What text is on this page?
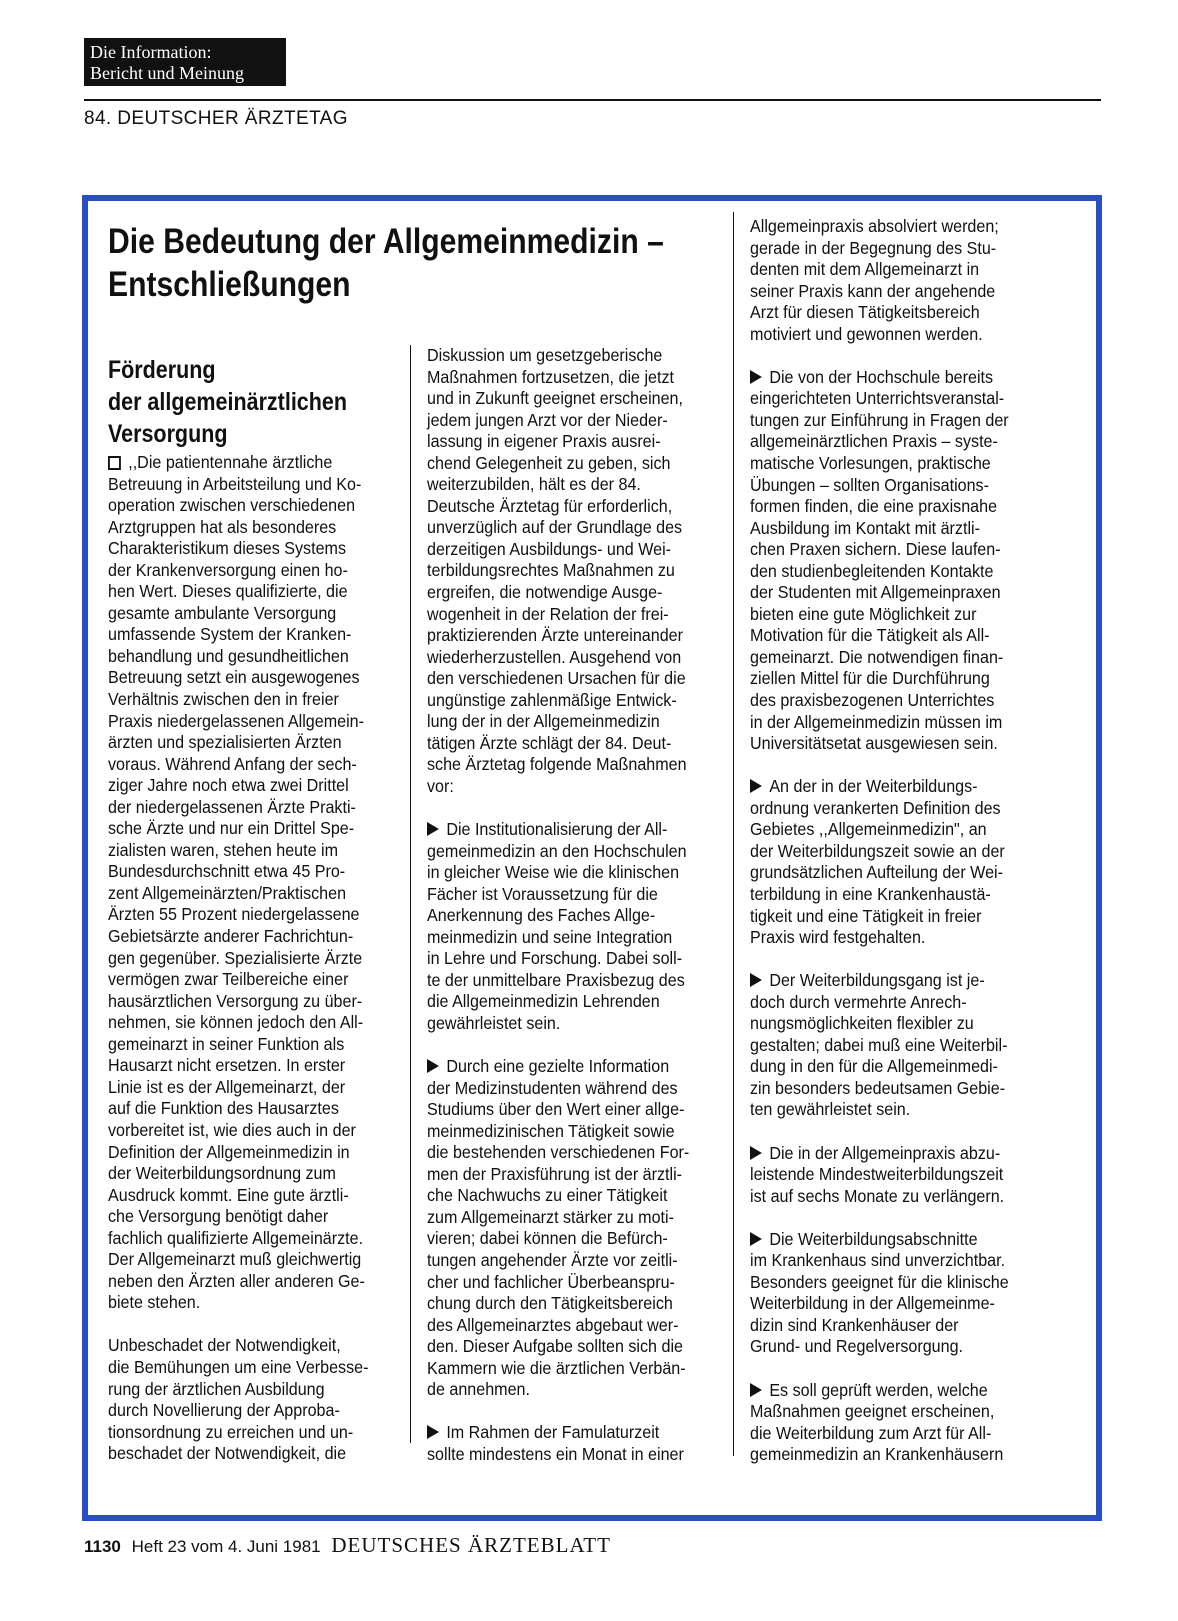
Die Information:
Bericht und Meinung
84. DEUTSCHER ÄRZTETAG
Die Bedeutung der Allgemeinmedizin –
Entschließungen
Förderung
der allgemeinärztlichen
Versorgung

,,Die patientennahe ärztliche
Betreuung in Arbeitsteilung und Ko-
operation zwischen verschiedenen
Arztgruppen hat als besonderes
Charakteristikum dieses Systems
der Krankenversorgung einen ho-
hen Wert. Dieses qualifizierte, die
gesamte ambulante Versorgung
umfassende System der Kranken-
behandlung und gesundheitlichen
Betreuung setzt ein ausgewogenes
Verhältnis zwischen den in freier
Praxis niedergelassenen Allgemein-
ärzten und spezialisierten Ärzten
voraus. Während Anfang der sech-
ziger Jahre noch etwa zwei Drittel
der niedergelassenen Ärzte Prakti-
sche Ärzte und nur ein Drittel Spe-
zialisten waren, stehen heute im
Bundesdurchschnitt etwa 45 Pro-
zent Allgemeinärzten/Praktischen
Ärzten 55 Prozent niedergelassene
Gebietsärzte anderer Fachrichtun-
gen gegenüber. Spezialisierte Ärzte
vermögen zwar Teilbereiche einer
hausärztlichen Versorgung zu über-
nehmen, sie können jedoch den All-
gemeinarzt in seiner Funktion als
Hausarzt nicht ersetzen. In erster
Linie ist es der Allgemeinarzt, der
auf die Funktion des Hausarztes
vorbereitet ist, wie dies auch in der
Definition der Allgemeinmedizin in
der Weiterbildungsordnung zum
Ausdruck kommt. Eine gute ärztli-
che Versorgung benötigt daher
fachlich qualifizierte Allgemeinärzte.
Der Allgemeinarzt muß gleichwertig
neben den Ärzten aller anderen Ge-
biete stehen.

Unbeschadet der Notwendigkeit,
die Bemühungen um eine Verbesse-
rung der ärztlichen Ausbildung
durch Novellierung der Approba-
tionsordnung zu erreichen und un-
beschadet der Notwendigkeit, die

Diskussion um gesetzgeberische
Maßnahmen fortzusetzen, die jetzt
und in Zukunft geeignet erscheinen,
jedem jungen Arzt vor der Nieder-
lassung in eigener Praxis ausrei-
chend Gelegenheit zu geben, sich
weiterzubilden, hält es der 84.
Deutsche Ärztetag für erforderlich,
unverzüglich auf der Grundlage des
derzeitigen Ausbildungs- und Wei-
terbildungsrechtes Maßnahmen zu
ergreifen, die notwendige Ausge-
wogenheit in der Relation der frei-
praktizierenden Ärzte untereinander
wiederherzustellen. Ausgehend von
den verschiedenen Ursachen für die
ungünstige zahlenmäßige Entwick-
lung der in der Allgemeinmedizin
tätigen Ärzte schlägt der 84. Deut-
sche Ärztetag folgende Maßnahmen
vor:

Die Institutionalisierung der All-
gemeinmedizin an den Hochschulen
in gleicher Weise wie die klinischen
Fächer ist Voraussetzung für die
Anerkennung des Faches Allge-
meinmedizin und seine Integration
in Lehre und Forschung. Dabei soll-
te der unmittelbare Praxisbezug des
die Allgemeinmedizin Lehrenden
gewährleistet sein.

Durch eine gezielte Information
der Medizinstudenten während des
Studiums über den Wert einer allge-
meinmedizinischen Tätigkeit sowie
die bestehenden verschiedenen For-
men der Praxisführung ist der ärztli-
che Nachwuchs zu einer Tätigkeit
zum Allgemeinarzt stärker zu moti-
vieren; dabei können die Befürch-
tungen angehender Ärzte vor zeitli-
cher und fachlicher Überbeanspru-
chung durch den Tätigkeitsbereich
des Allgemeinarztes abgebaut wer-
den. Dieser Aufgabe sollten sich die
Kammern wie die ärztlichen Verbän-
de annehmen.

Im Rahmen der Famulaturzeit
sollte mindestens ein Monat in einer

Allgemeinpraxis absolviert werden;
gerade in der Begegnung des Stu-
denten mit dem Allgemeinarzt in
seiner Praxis kann der angehende
Arzt für diesen Tätigkeitsbereich
motiviert und gewonnen werden.

Die von der Hochschule bereits
eingerichteten Unterrichtsveranstal-
tungen zur Einführung in Fragen der
allgemeinärztlichen Praxis – syste-
matische Vorlesungen, praktische
Übungen – sollten Organisations-
formen finden, die eine praxisnahe
Ausbildung im Kontakt mit ärztli-
chen Praxen sichern. Diese laufen-
den studienbegleitenden Kontakte
der Studenten mit Allgemeinpraxen
bieten eine gute Möglichkeit zur
Motivation für die Tätigkeit als All-
gemeinarzt. Die notwendigen finan-
ziellen Mittel für die Durchführung
des praxisbezogenen Unterrichtes
in der Allgemeinmedizin müssen im
Universitätsetat ausgewiesen sein.

An der in der Weiterbildungs-
ordnung verankerten Definition des
Gebietes ,,Allgemeinmedizin", an
der Weiterbildungszeit sowie an der
grundsätzlichen Aufteilung der Wei-
terbildung in eine Krankenhaustä-
tigkeit und eine Tätigkeit in freier
Praxis wird festgehalten.

Der Weiterbildungsgang ist je-
doch durch vermehrte Anrech-
nungsmöglichkeiten flexibler zu
gestalten; dabei muß eine Weiterbil-
dung in den für die Allgemeinmedi-
zin besonders bedeutsamen Gebie-
ten gewährleistet sein.

Die in der Allgemeinpraxis abzu-
leistende Mindestweiterbildungszeit
ist auf sechs Monate zu verlängern.

Die Weiterbildungsabschnitte
im Krankenhaus sind unverzichtbar.
Besonders geeignet für die klinische
Weiterbildung in der Allgemeinme-
dizin sind Krankenhäuser der
Grund- und Regelversorgung.

Es soll geprüft werden, welche
Maßnahmen geeignet erscheinen,
die Weiterbildung zum Arzt für All-
gemeinmedizin an Krankenhäusern

1130 Heft 23 vom 4. Juni 1981 DEUTSCHES ÄRZTEBLATT
